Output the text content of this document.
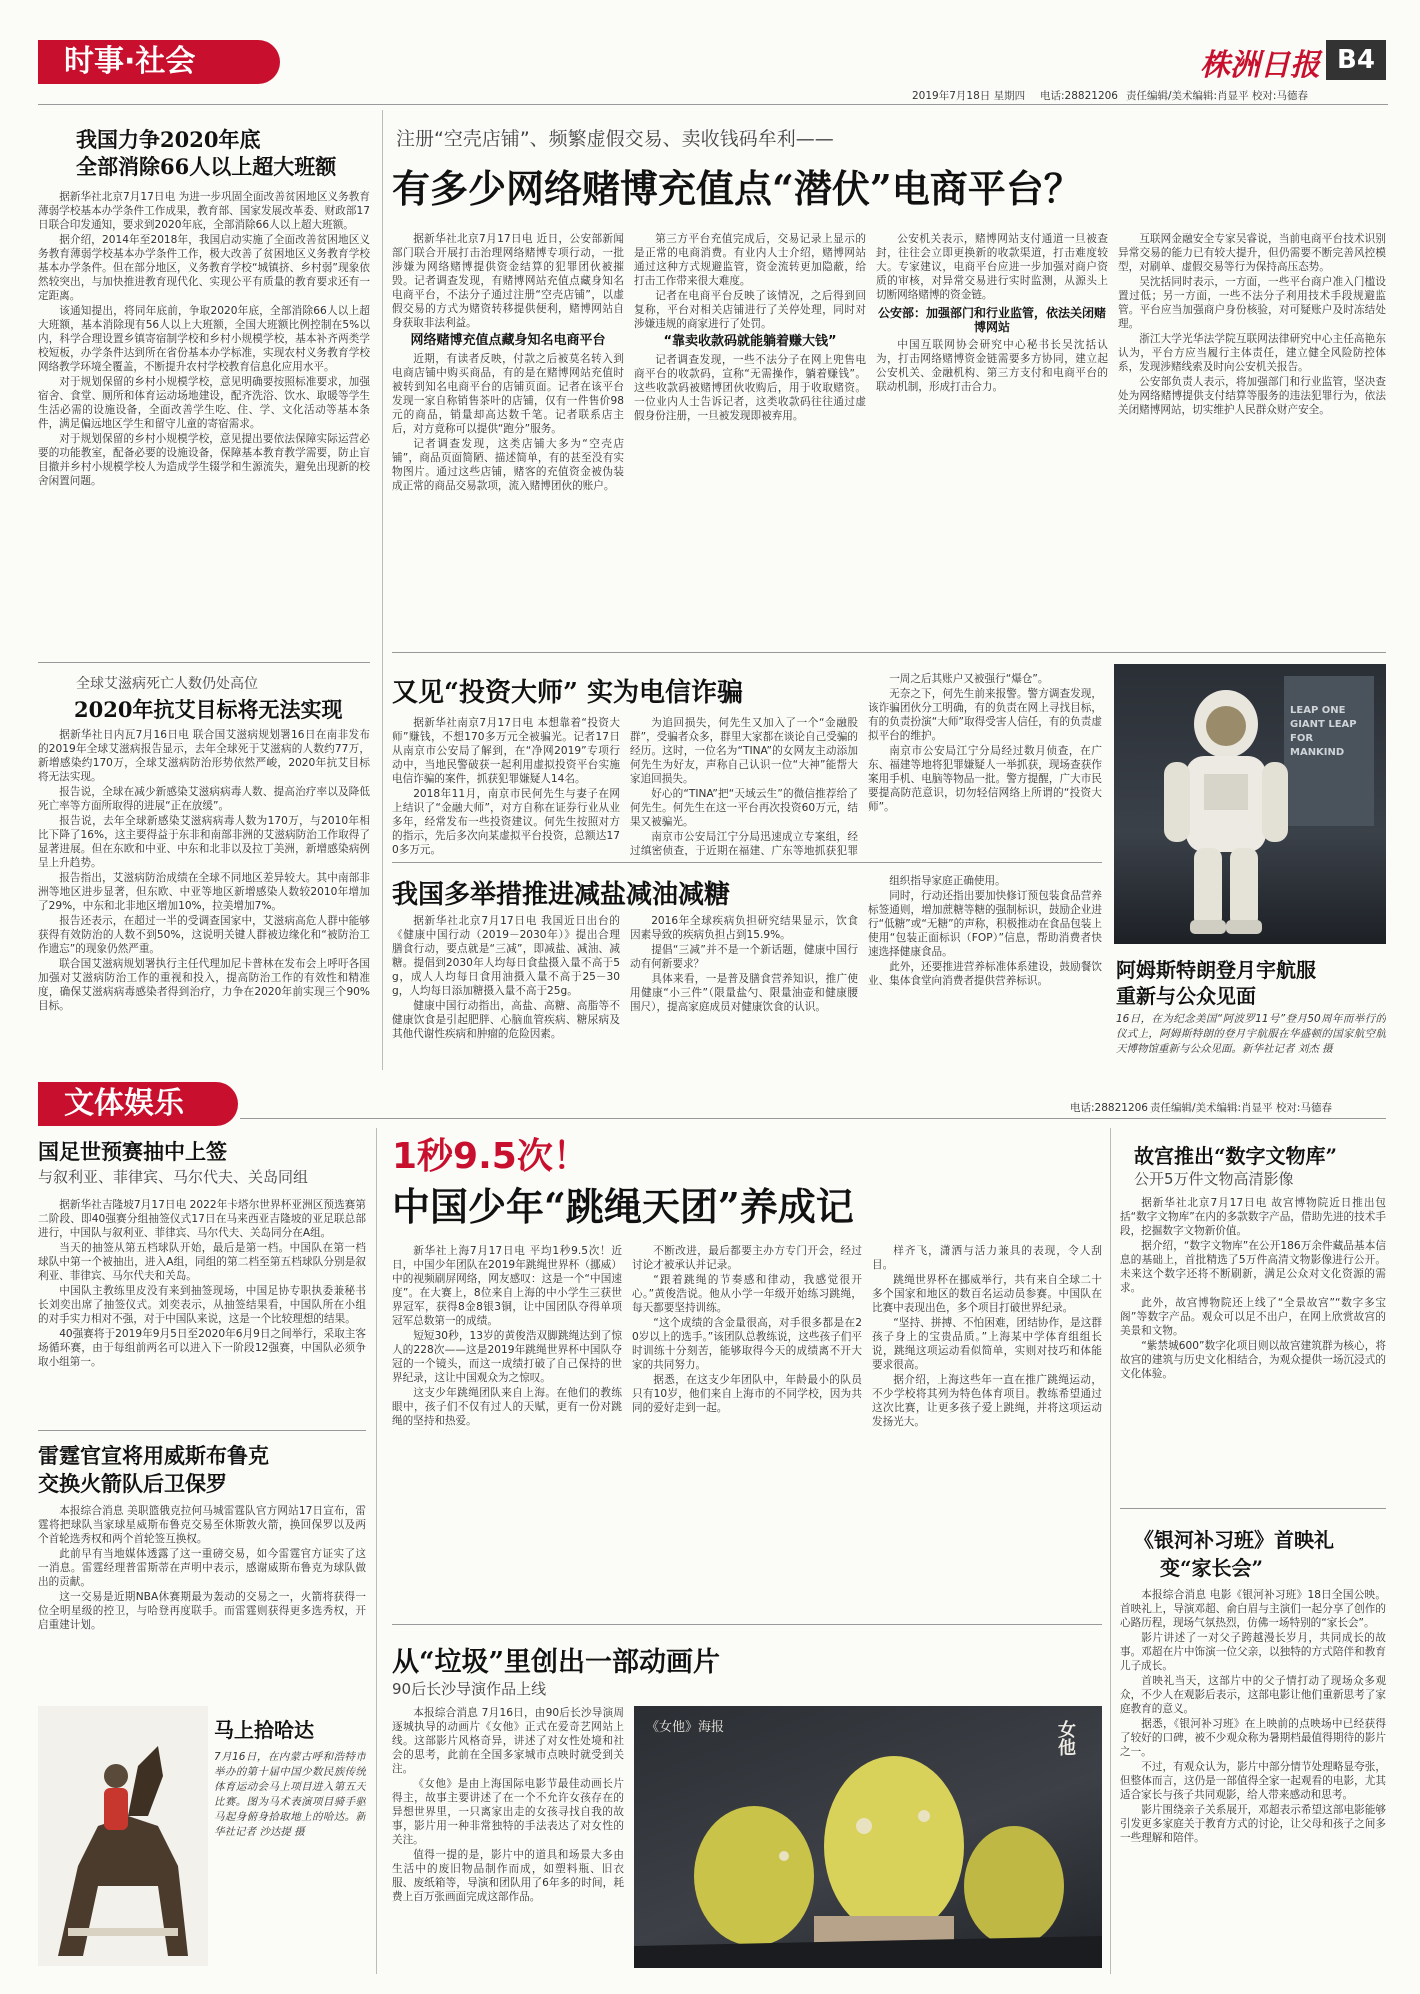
时事·社会	株洲日报 B4
2019年7月18日 星期四 电话:28821206 责任编辑/美术编辑:肖显平 校对:马德春
我国力争2020年底
全部消除66人以上超大班额

据新华社北京7月17日电 为进一步巩固全面改善贫困地区义务教育薄弱学校基本办学条件工作成果，教育部、国家发展改革委、财政部17日联合印发通知，要求到2020年底，全部消除66人以上超大班额。

据介绍，2014年至2018年，我国启动实施了全面改善贫困地区义务教育薄弱学校基本办学条件工作，极大改善了贫困地区义务教育学校基本办学条件。但在部分地区，义务教育学校“城镇挤、乡村弱”现象依然较突出，与加快推进教育现代化、实现公平有质量的教育要求还有一定距离。

该通知提出，将同年底前，争取2020年底，全部消除66人以上超大班额，基本消除现有56人以上大班额，全国大班额比例控制在5%以内，科学合理设置乡镇寄宿制学校和乡村小规模学校，基本补齐两类学校短板，办学条件达到所在省份基本办学标准，实现农村义务教育学校网络教学环境全覆盖，不断提升农村学校教育信息化应用水平。

对于规划保留的乡村小规模学校，意见明确要按照标准要求，加强宿舍、食堂、厕所和体育运动场地建设，配齐洗浴、饮水、取暖等学生生活必需的设施设备，全面改善学生吃、住、学、文化活动等基本条件，满足偏远地区学生和留守儿童的寄宿需求。

对于规划保留的乡村小规模学校，意见提出要依法保障实际运营必要的功能教室，配备必要的设施设备，保障基本教育教学需要，防止盲目撤并乡村小规模学校人为造成学生辍学和生源流失，避免出现新的校舍闲置问题。

全球艾滋病死亡人数仍处高位
2020年抗艾目标将无法实现

据新华社日内瓦7月16日电 联合国艾滋病规划署16日在南非发布的2019年全球艾滋病报告显示，去年全球死于艾滋病的人数约77万，新增感染约170万，全球艾滋病防治形势依然严峻，2020年抗艾目标将无法实现。

报告说，全球在减少新感染艾滋病病毒人数、提高治疗率以及降低死亡率等方面所取得的进展“正在放缓”。

报告说，去年全球新感染艾滋病病毒人数为170万，与2010年相比下降了16%，这主要得益于东非和南部非洲的艾滋病防治工作取得了显著进展。但在东欧和中亚、中东和北非以及拉丁美洲，新增感染病例呈上升趋势。

报告指出，艾滋病防治成绩在全球不同地区差异较大。其中南部非洲等地区进步显著，但东欧、中亚等地区新增感染人数较2010年增加了29%，中东和北非地区增加10%，拉美增加7%。

报告还表示，在超过一半的受调查国家中，艾滋病高危人群中能够获得有效防治的人数不到50%，这说明关键人群被边缘化和“被防治工作遗忘”的现象仍然严重。

联合国艾滋病规划署执行主任代理加尼卡普林在发布会上呼吁各国加强对艾滋病防治工作的重视和投入，提高防治工作的有效性和精准度，确保艾滋病病毒感染者得到治疗，力争在2020年前实现三个90%目标。

注册“空壳店铺”、频繁虚假交易、卖收钱码牟利——
有多少网络赌博充值点“潜伏”电商平台？

据新华社北京7月17日电 近日，公安部新闻部门联合开展打击治理网络赌博专项行动，一批涉嫌为网络赌博提供资金结算的犯罪团伙被摧毁。记者调查发现，有赌博网站充值点藏身知名电商平台，不法分子通过注册“空壳店铺”，以虚假交易的方式为赌资转移提供便利，赌博网站自身获取非法利益。

网络赌博充值点藏身知名电商平台

近期，有读者反映，付款之后被莫名转入到电商店铺中购买商品，有的是在赌博网站充值时被转到知名电商平台的店铺页面。记者在该平台发现一家自称销售茶叶的店铺，仅有一件售价98元的商品，销量却高达数千笔。记者联系店主后，对方竟称可以提供“跑分”服务。

记者调查发现，这类店铺大多为“空壳店铺”，商品页面简陋、描述简单，有的甚至没有实物图片。通过这些店铺，赌客的充值资金被伪装成正常的商品交易款项，流入赌博团伙的账户。

第三方平台充值完成后，交易记录上显示的是正常的电商消费。有业内人士介绍，赌博网站通过这种方式规避监管，资金流转更加隐蔽，给打击工作带来很大难度。

记者在电商平台反映了该情况，之后得到回复称，平台对相关店铺进行了关停处理，同时对涉嫌违规的商家进行了处罚。

“靠卖收款码就能躺着赚大钱”

记者调查发现，一些不法分子在网上兜售电商平台的收款码，宣称“无需操作，躺着赚钱”。这些收款码被赌博团伙收购后，用于收取赌资。一位业内人士告诉记者，这类收款码往往通过虚假身份注册，一旦被发现即被弃用。

公安机关表示，赌博网站支付通道一旦被查封，往往会立即更换新的收款渠道，打击难度较大。专家建议，电商平台应进一步加强对商户资质的审核，对异常交易进行实时监测，从源头上切断网络赌博的资金链。

公安部：加强部门和行业监管，依法关闭赌博网站

中国互联网协会研究中心秘书长吴沈括认为，打击网络赌博资金链需要多方协同，建立起公安机关、金融机构、第三方支付和电商平台的联动机制，形成打击合力。

互联网金融安全专家吴睿说，当前电商平台技术识别异常交易的能力已有较大提升，但仍需要不断完善风控模型，对刷单、虚假交易等行为保持高压态势。

吴沈括同时表示，一方面，一些平台商户准入门槛设置过低；另一方面，一些不法分子利用技术手段规避监管。平台应当加强商户身份核验，对可疑账户及时冻结处理。

浙江大学光华法学院互联网法律研究中心主任高艳东认为，平台方应当履行主体责任，建立健全风险防控体系，发现涉赌线索及时向公安机关报告。

公安部负责人表示，将加强部门和行业监管，坚决查处为网络赌博提供支付结算等服务的违法犯罪行为，依法关闭赌博网站，切实维护人民群众财产安全。

又见“投资大师” 实为电信诈骗

据新华社南京7月17日电 本想靠着“投资大师”赚钱，不想170多万元全被骗光。记者17日从南京市公安局了解到，在“净网2019”专项行动中，当地民警破获一起利用虚拟投资平台实施电信诈骗的案件，抓获犯罪嫌疑人14名。

2018年11月，南京市民何先生与妻子在网上结识了“金融大师”，对方自称在证券行业从业多年，经常发布一些投资建议。何先生按照对方的指示，先后多次向某虚拟平台投资，总额达170多万元。

为追回损失，何先生又加入了一个“金融股群”，受骗者众多，群里大家都在谈论自己受骗的经历。这时，一位名为“TINA”的女网友主动添加何先生为好友，声称自己认识一位“大神”能帮大家追回损失。

好心的“TINA”把“天域云生”的微信推荐给了何先生。何先生在这一平台再次投资60万元，结果又被骗光。

南京市公安局江宁分局迅速成立专案组，经过缜密侦查，于近期在福建、广东等地抓获犯罪

一周之后其账户又被强行“爆仓”。

无奈之下，何先生前来报警。警方调查发现，该诈骗团伙分工明确，有的负责在网上寻找目标，有的负责扮演“大师”取得受害人信任，有的负责虚拟平台的维护。

南京市公安局江宁分局经过数月侦查，在广东、福建等地将犯罪嫌疑人一举抓获，现场查获作案用手机、电脑等物品一批。警方提醒，广大市民要提高防范意识，切勿轻信网络上所谓的“投资大师”。

我国多举措推进减盐减油减糖

据新华社北京7月17日电 我国近日出台的《健康中国行动（2019－2030年）》提出合理膳食行动，要点就是“三减”，即减盐、减油、减糖。提倡到2030年人均每日食盐摄入量不高于5g，成人人均每日食用油摄入量不高于25－30g，人均每日添加糖摄入量不高于25g。

健康中国行动指出，高盐、高糖、高脂等不健康饮食是引起肥胖、心脑血管疾病、糖尿病及其他代谢性疾病和肿瘤的危险因素。

2016年全球疾病负担研究结果显示，饮食因素导致的疾病负担占到15.9%。

提倡“三减”并不是一个新话题，健康中国行动有何新要求？

具体来看，一是普及膳食营养知识，推广使用健康“小三件”（限量盐勺、限量油壶和健康腰围尺），提高家庭成员对健康饮食的认识。

组织指导家庭正确使用。

同时，行动还指出要加快修订预包装食品营养标签通则，增加蔗糖等糖的强制标识，鼓励企业进行“低糖”或“无糖”的声称，积极推动在食品包装上使用“包装正面标识（FOP）”信息，帮助消费者快速选择健康食品。

此外，还要推进营养标准体系建设，鼓励餐饮业、集体食堂向消费者提供营养标识。

LEAP ONE GIANT LEAP FOR MANKIND
阿姆斯特朗登月宇航服
重新与公众见面
16日，在为纪念美国“阿波罗11号”登月50周年而举行的仪式上，阿姆斯特朗的登月宇航服在华盛顿的国家航空航天博物馆重新与公众见面。新华社记者 刘杰 摄
文体娱乐	电话:28821206 责任编辑/美术编辑:肖显平 校对:马德春
国足世预赛抽中上签
与叙利亚、菲律宾、马尔代夫、关岛同组

据新华社吉隆坡7月17日电 2022年卡塔尔世界杯亚洲区预选赛第二阶段、即40强赛分组抽签仪式17日在马来西亚吉隆坡的亚足联总部进行，中国队与叙利亚、菲律宾、马尔代夫、关岛同分在A组。

当天的抽签从第五档球队开始，最后是第一档。中国队在第一档球队中第一个被抽出，进入A组，同组的第二档至第五档球队分别是叙利亚、菲律宾、马尔代夫和关岛。

中国队主教练里皮没有来到抽签现场，中国足协专职执委兼秘书长刘奕出席了抽签仪式。刘奕表示，从抽签结果看，中国队所在小组的对手实力相对不强，对于中国队来说，这是一个比较理想的结果。

40强赛将于2019年9月5日至2020年6月9日之间举行，采取主客场循环赛，由于每组前两名可以进入下一阶段12强赛，中国队必须争取小组第一。

雷霆官宣将用威斯布鲁克
交换火箭队后卫保罗

本报综合消息 美职篮俄克拉何马城雷霆队官方网站17日宣布，雷霆将把球队当家球星威斯布鲁克交易至休斯敦火箭，换回保罗以及两个首轮选秀权和两个首轮签互换权。

此前早有当地媒体透露了这一重磅交易，如今雷霆官方证实了这一消息。雷霆经理普雷斯蒂在声明中表示，感谢威斯布鲁克为球队做出的贡献。

这一交易是近期NBA休赛期最为轰动的交易之一，火箭将获得一位全明星级的控卫，与哈登再度联手。而雷霆则获得更多选秀权，开启重建计划。

马上拾哈达
7月16日，在内蒙古呼和浩特市举办的第十届中国少数民族传统体育运动会马上项目进入第五天比赛。图为马术表演项目骑手驱马起身俯身拾取地上的哈达。新华社记者 沙达提 摄
1秒9.5次！
中国少年“跳绳天团”养成记

新华社上海7月17日电 平均1秒9.5次！近日，中国少年团队在2019年跳绳世界杯（挪威）中的视频刷屏网络，网友感叹：这是一个“中国速度”。在大赛上，8位来自上海的中小学生三获世界冠军，获得8金8银3铜，让中国团队夺得单项冠军总数第一的成绩。

短短30秒，13岁的黄俊浩双脚跳绳达到了惊人的228次——这是2019年跳绳世界杯中国队夺冠的一个镜头，而这一成绩打破了自己保持的世界纪录，这让中国观众为之惊叹。

这支少年跳绳团队来自上海。在他们的教练眼中，孩子们不仅有过人的天赋，更有一份对跳绳的坚持和热爱。

不断改进，最后都要主办方专门开会，经过讨论才被承认并记录。

“跟着跳绳的节奏感和律动，我感觉很开心。”黄俊浩说。他从小学一年级开始练习跳绳，每天都要坚持训练。

“这个成绩的含金量很高，对手很多都是在20岁以上的选手。”该团队总教练说，这些孩子们平时训练十分刻苦，能够取得今天的成绩离不开大家的共同努力。

据悉，在这支少年团队中，年龄最小的队员只有10岁，他们来自上海市的不同学校，因为共同的爱好走到一起。

样齐飞，潇洒与活力兼具的表现，令人刮目。

跳绳世界杯在挪威举行，共有来自全球二十多个国家和地区的数百名运动员参赛。中国队在比赛中表现出色，多个项目打破世界纪录。

“坚持、拼搏、不怕困难，团结协作，是这群孩子身上的宝贵品质。”上海某中学体育组组长说，跳绳这项运动看似简单，实则对技巧和体能要求很高。

据介绍，上海这些年一直在推广跳绳运动，不少学校将其列为特色体育项目。教练希望通过这次比赛，让更多孩子爱上跳绳，并将这项运动发扬光大。

从“垃圾”里创出一部动画片
90后长沙导演作品上线

本报综合消息 7月16日，由90后长沙导演周逐城执导的动画片《女他》正式在爱奇艺网站上线。这部影片风格奇异，讲述了对女性处境和社会的思考，此前在全国多家城市点映时就受到关注。

《女他》是由上海国际电影节最佳动画长片得主，故事主要讲述了在一个不允许女孩存在的异想世界里，一只离家出走的女孩寻找自我的故事，影片用一种非常独特的手法表达了对女性的关注。

值得一提的是，影片中的道具和场景大多由生活中的废旧物品制作而成，如塑料瓶、旧衣服、废纸箱等，导演和团队用了6年多的时间，耗费上百万张画面完成这部作品。

《女他》海报	女他
故宫推出“数字文物库”
公开5万件文物高清影像

据新华社北京7月17日电 故宫博物院近日推出包括“数字文物库”在内的多款数字产品，借助先进的技术手段，挖掘数字文物新价值。

据介绍，“数字文物库”在公开186万余件藏品基本信息的基础上，首批精选了5万件高清文物影像进行公开。未来这个数字还将不断刷新，满足公众对文化资源的需求。

此外，故宫博物院还上线了“全景故宫”“数字多宝阁”等数字产品。观众可以足不出户，在网上欣赏故宫的美景和文物。

“紫禁城600”数字化项目则以故宫建筑群为核心，将故宫的建筑与历史文化相结合，为观众提供一场沉浸式的文化体验。

《银河补习班》首映礼
变“家长会”

本报综合消息 电影《银河补习班》18日全国公映。首映礼上，导演邓超、俞白眉与主演们一起分享了创作的心路历程，现场气氛热烈，仿佛一场特别的“家长会”。

影片讲述了一对父子跨越漫长岁月，共同成长的故事。邓超在片中饰演一位父亲，以独特的方式陪伴和教育儿子成长。

首映礼当天，这部片中的父子情打动了现场众多观众，不少人在观影后表示，这部电影让他们重新思考了家庭教育的意义。

据悉，《银河补习班》在上映前的点映场中已经获得了较好的口碑，被不少观众称为暑期档最值得期待的影片之一。

不过，有观众认为，影片中部分情节处理略显夸张，但整体而言，这仍是一部值得全家一起观看的电影，尤其适合家长与孩子共同观影，给人带来感动和思考。

影片围绕亲子关系展开，邓超表示希望这部电影能够引发更多家庭关于教育方式的讨论，让父母和孩子之间多一些理解和陪伴。
